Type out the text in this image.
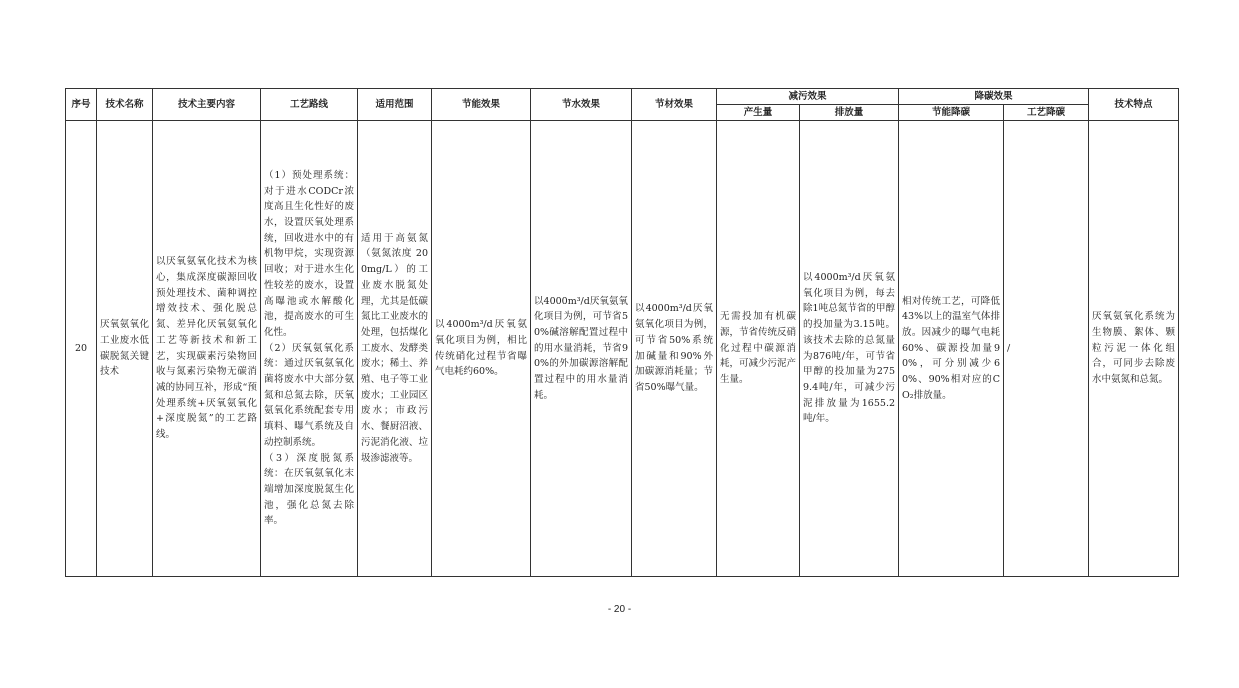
序号	技术名称	技术主要内容	工艺路线	适用范围	节能效果	节水效果	节材效果	减污效果		降碳效果		技术特点
								产生量	排放量	节能降碳	工艺降碳	
20	厌氧氨氧化工业废水低碳脱氮关键技术	以厌氧氨氧化技术为核心，集成深度碳源回收预处理技术、菌种调控增效技术、强化脱总氮、差异化厌氧氨氧化工艺等新技术和新工艺，实现碳素污染物回收与氮素污染物无碳消减的协同互补，形成“预处理系统+厌氧氨氧化+深度脱氮”的工艺路线。	（1）预处理系统：对于进水CODCr浓度高且生化性好的废水，设置厌氧处理系统，回收进水中的有机物甲烷，实现资源回收；对于进水生化性较差的废水，设置高曝池或水解酸化池，提高废水的可生化性。
（2）厌氧氨氧化系统：通过厌氧氨氧化菌将废水中大部分氨氮和总氮去除，厌氧氨氧化系统配套专用填料、曝气系统及自动控制系统。
（3）深度脱氮系统：在厌氧氨氧化末端增加深度脱氮生化池，强化总氮去除率。	适用于高氨氮（氨氮浓度 200mg/L）的工业废水脱氮处理，尤其是低碳氮比工业废水的处理，包括煤化工废水、发酵类废水；稀土、养殖、电子等工业废水；工业园区废水；市政污水、餐厨沼液、污泥消化液、垃圾渗滤液等。	以4000m³/d厌氧氨氧化项目为例，相比传统硝化过程节省曝气电耗约60%。	以4000m³/d厌氧氨氧化项目为例，可节省50%碱溶解配置过程中的用水量消耗，节省90%的外加碳源溶解配置过程中的用水量消耗。	以4000m³/d厌氧氨氧化项目为例，可节省50%系统加碱量和90%外加碳源消耗量；节省50%曝气量。	无需投加有机碳源，节省传统反硝化过程中碳源消耗，可减少污泥产生量。	以4000m³/d厌氧氨氧化项目为例，每去除1吨总氮节省的甲醇的投加量为3.15吨。该技术去除的总氮量为876吨/年，可节省甲醇的投加量为2759.4吨/年，可减少污泥排放量为1655.2吨/年。	相对传统工艺，可降低43%以上的温室气体排放。因减少的曝气电耗60%、碳源投加量90%，可分别减少60%、90%相对应的CO₂排放量。	/	厌氧氨氧化系统为生物膜、絮体、颗粒污泥一体化组合，可同步去除废水中氨氮和总氮。
- 20 -
